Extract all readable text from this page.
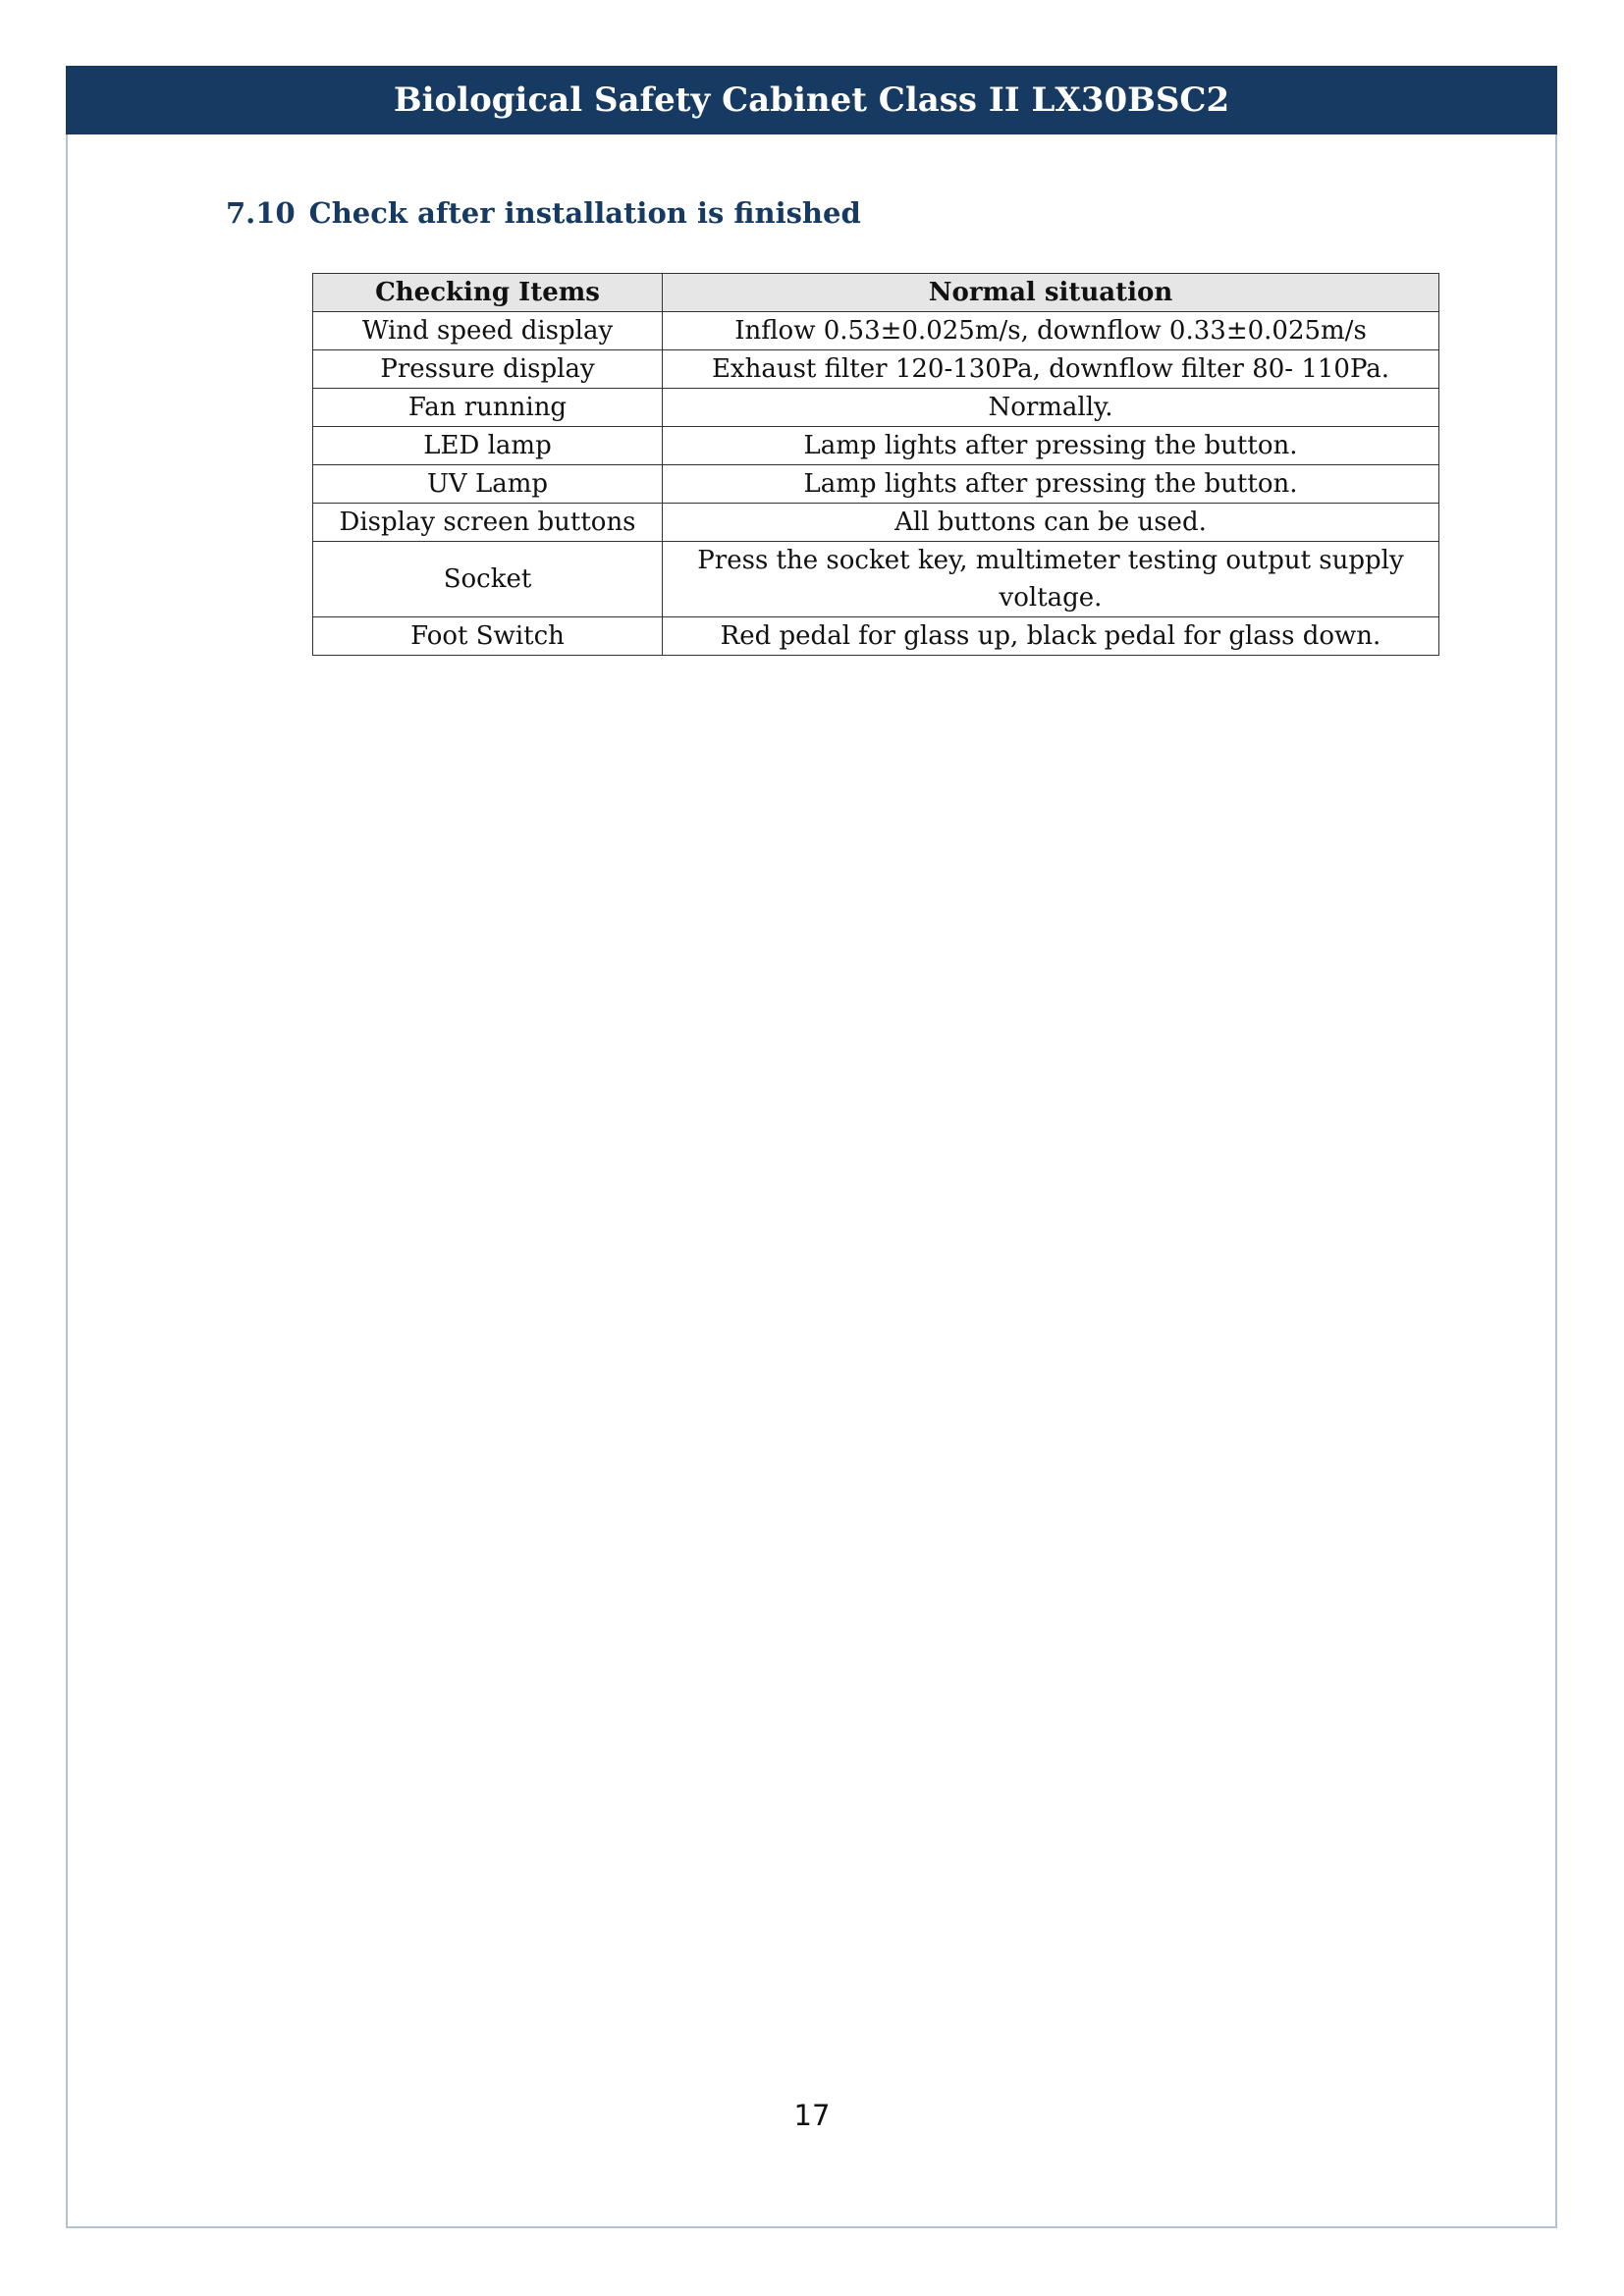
Biological Safety Cabinet Class II LX30BSC2
7.10 Check after installation is finished
Checking Items	Normal situation
Wind speed display	Inflow 0.53±0.025m/s, downflow 0.33±0.025m/s
Pressure display	Exhaust filter 120-130Pa, downflow filter 80- 110Pa.
Fan running	Normally.
LED lamp	Lamp lights after pressing the button.
UV Lamp	Lamp lights after pressing the button.
Display screen buttons	All buttons can be used.
Socket	Press the socket key, multimeter testing output supply voltage.
Foot Switch	Red pedal for glass up, black pedal for glass down.
17
